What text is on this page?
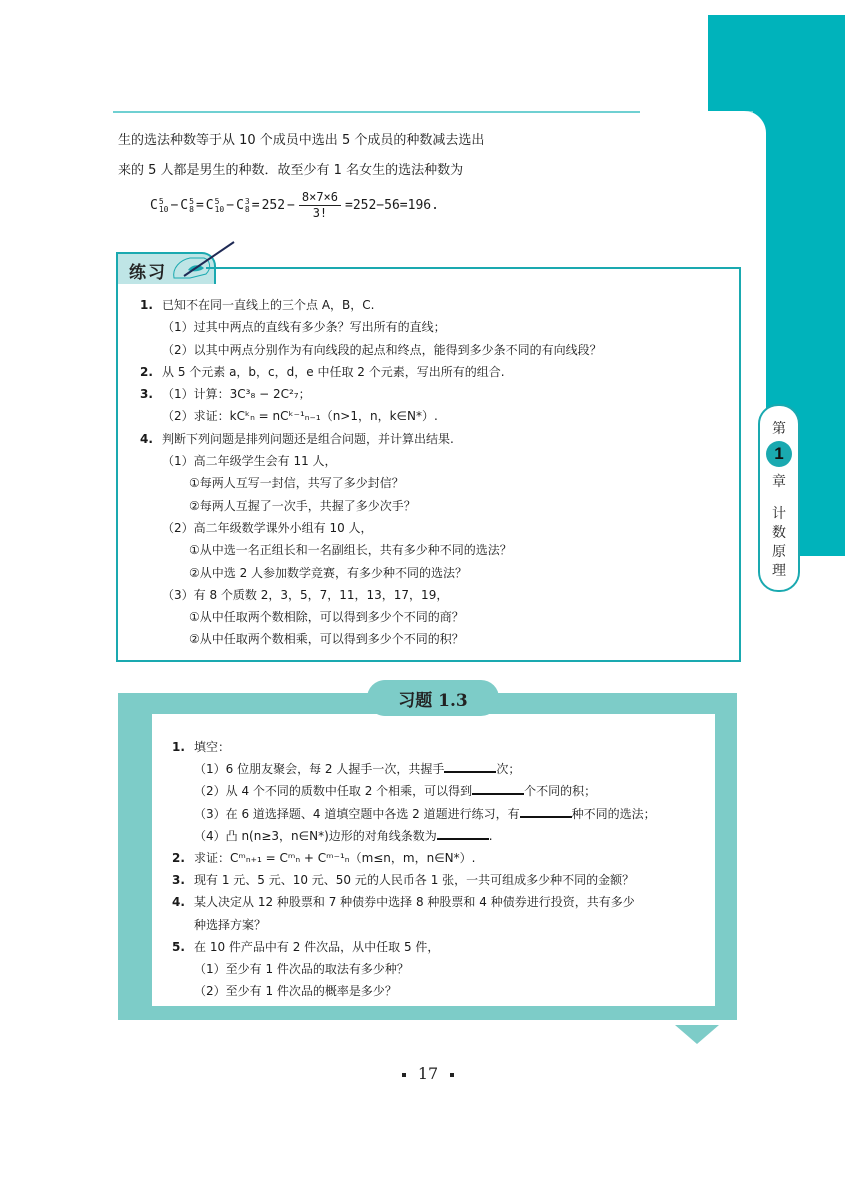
生的选法种数等于从 10 个成员中选出 5 个成员的种数减去选出

来的 5 人都是男生的种数．故至少有 1 名女生的选法种数为

C 5
10 − C 5
8 = C 5
10 − C 3
$8 = 252 - \frac{8\times 7\times 6}{3!} =252-56=196$.
练习
1. 已知不在同一直线上的三个点 A，B，C.
（1）过其中两点的直线有多少条？写出所有的直线；
（2）以其中两点分别作为有向线段的起点和终点，能得到多少条不同的有向线段？
2. 从 5 个元素 a，b，c，d，e 中任取 2 个元素，写出所有的组合.
3. （1）计算：3C³₈ − 2C²₇；
（2）求证：kCᵏₙ = nCᵏ⁻¹ₙ₋₁（n>1，n，k∈N*）.
4. 判断下列问题是排列问题还是组合问题，并计算出结果.
（1）高二年级学生会有 11 人，
①每两人互写一封信，共写了多少封信？
②每两人互握了一次手，共握了多少次手？
（2）高二年级数学课外小组有 10 人，
①从中选一名正组长和一名副组长，共有多少种不同的选法？
②从中选 2 人参加数学竞赛，有多少种不同的选法？
（3）有 8 个质数 2，3，5，7，11，13，17，19，
①从中任取两个数相除，可以得到多少个不同的商？
②从中任取两个数相乘，可以得到多少个不同的积？
第
1
章
计 数 原 理
习题 1.3
1. 填空：
（1）6 位朋友聚会，每 2 人握手一次，共握手	次；
（2）从 4 个不同的质数中任取 2 个相乘，可以得到	个不同的积；
（3）在 6 道选择题、4 道填空题中各选 2 道题进行练习，有	种不同的选法；
（4）凸 n(n≥3，n∈N*)边形的对角线条数为	.
2. 求证：Cᵐₙ₊₁ = Cᵐₙ + Cᵐ⁻¹ₙ（m≤n，m，n∈N*）.
3. 现有 1 元、5 元、10 元、50 元的人民币各 1 张，一共可组成多少种不同的金额？
4. 某人决定从 12 种股票和 7 种债券中选择 8 种股票和 4 种债券进行投资，共有多少
种选择方案？
5. 在 10 件产品中有 2 件次品，从中任取 5 件，
（1）至少有 1 件次品的取法有多少种？
（2）至少有 1 件次品的概率是多少？
17
